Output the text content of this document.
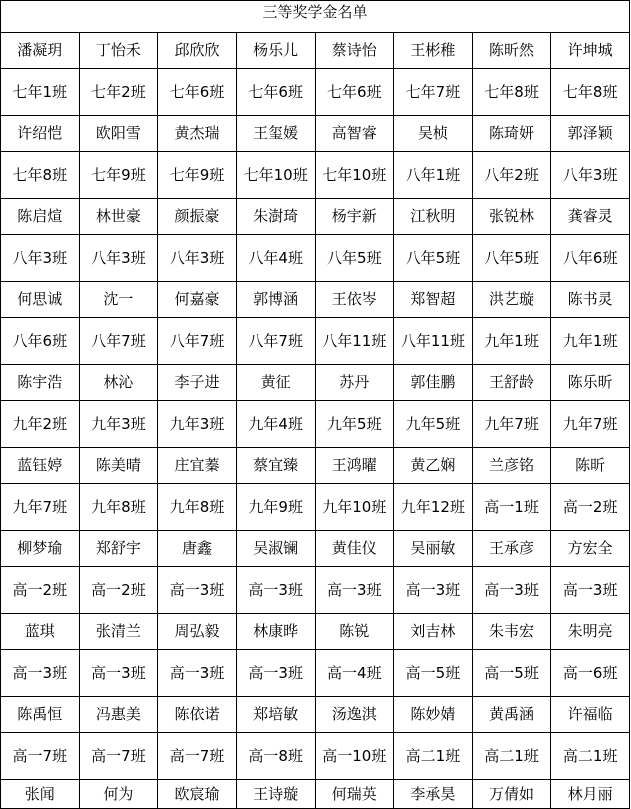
三等奖学金名单							
潘凝玥	丁怡禾	邱欣欣	杨乐儿	蔡诗怡	王彬稚	陈昕然	许坤城
七年1班	七年2班	七年6班	七年6班	七年6班	七年7班	七年8班	七年8班
许绍恺	欧阳雪	黄杰瑞	王玺媛	高智睿	吴桢	陈琦妍	郭泽颖
七年8班	七年9班	七年9班	七年10班	七年10班	八年1班	八年2班	八年3班
陈启煊	林世豪	颜振豪	朱澍琦	杨宇新	江秋明	张锐林	龚睿灵
八年3班	八年3班	八年3班	八年4班	八年5班	八年5班	八年5班	八年6班
何思诚	沈一	何嘉豪	郭博涵	王依岑	郑智超	洪艺璇	陈书灵
八年6班	八年7班	八年7班	八年7班	八年11班	八年11班	九年1班	九年1班
陈宇浩	林沁	李子进	黄征	苏丹	郭佳鹏	王舒龄	陈乐昕
九年2班	九年3班	九年3班	九年4班	九年5班	九年5班	九年7班	九年7班
蓝钰婷	陈美晴	庄宜蓁	蔡宜臻	王鸿曜	黄乙娴	兰彦铭	陈昕
九年7班	九年8班	九年8班	九年9班	九年10班	九年12班	高一1班	高一2班
柳梦瑜	郑舒宇	唐鑫	吴淑镧	黄佳仪	吴丽敏	王承彦	方宏全
高一2班	高一2班	高一3班	高一3班	高一3班	高一3班	高一3班	高一3班
蓝琪	张清兰	周弘毅	林康晔	陈锐	刘吉林	朱韦宏	朱明亮
高一3班	高一3班	高一3班	高一3班	高一4班	高一5班	高一5班	高一6班
陈禹恒	冯惠美	陈依诺	郑培敏	汤逸淇	陈妙婧	黄禹涵	许福临
高一7班	高一7班	高一7班	高一8班	高一10班	高二1班	高二1班	高二1班
张闻	何为	欧宸瑜	王诗璇	何瑞英	李承昊	万倩如	林月丽
